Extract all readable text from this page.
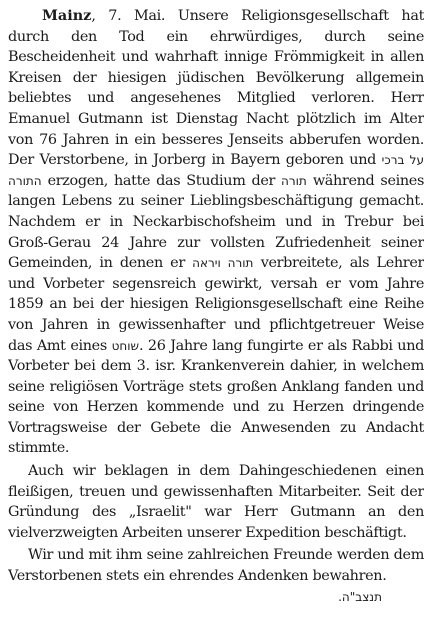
Mainz, 7. Mai. Unsere Religionsgesellschaft hat durch den Tod ein ehrwürdiges, durch seine Bescheidenheit und wahrhaft innige Frömmigkeit in allen Kreisen der hiesigen jüdischen Bevölkerung allgemein beliebtes und angesehenes Mitglied verloren. Herr Emanuel Gutmann ist Dienstag Nacht plötzlich im Alter von 76 Jahren in ein besseres Jenseits abberufen worden. Der Verstorbene, in Jorberg in Bayern geboren und על ברכי התורה erzogen, hatte das Studium der תורה während seines langen Lebens zu seiner Lieblingsbeschäftigung gemacht. Nachdem er in Neckarbischofsheim und in Trebur bei Groß-Gerau 24 Jahre zur vollsten Zufriedenheit seiner Gemeinden, in denen er תורה ויראה verbreitete, als Lehrer und Vorbeter segensreich gewirkt, versah er vom Jahre 1859 an bei der hiesigen Religionsgesellschaft eine Reihe von Jahren in gewissenhafter und pflichtgetreuer Weise das Amt eines שוחט. 26 Jahre lang fungirte er als Rabbi und Vorbeter bei dem 3. isr. Krankenverein dahier, in welchem seine religiösen Vorträge stets großen Anklang fanden und seine von Herzen kommende und zu Herzen dringende Vortragsweise der Gebete die Anwesenden zu Andacht stimmte.

Auch wir beklagen in dem Dahingeschiedenen einen fleißigen, treuen und gewissenhaften Mitarbeiter. Seit der Gründung des „Israelit" war Herr Gutmann an den vielverzweigten Arbeiten unserer Expedition beschäftigt.

Wir und mit ihm seine zahlreichen Freunde werden dem Verstorbenen stets ein ehrendes Andenken bewahren.
תנצב"ה.
